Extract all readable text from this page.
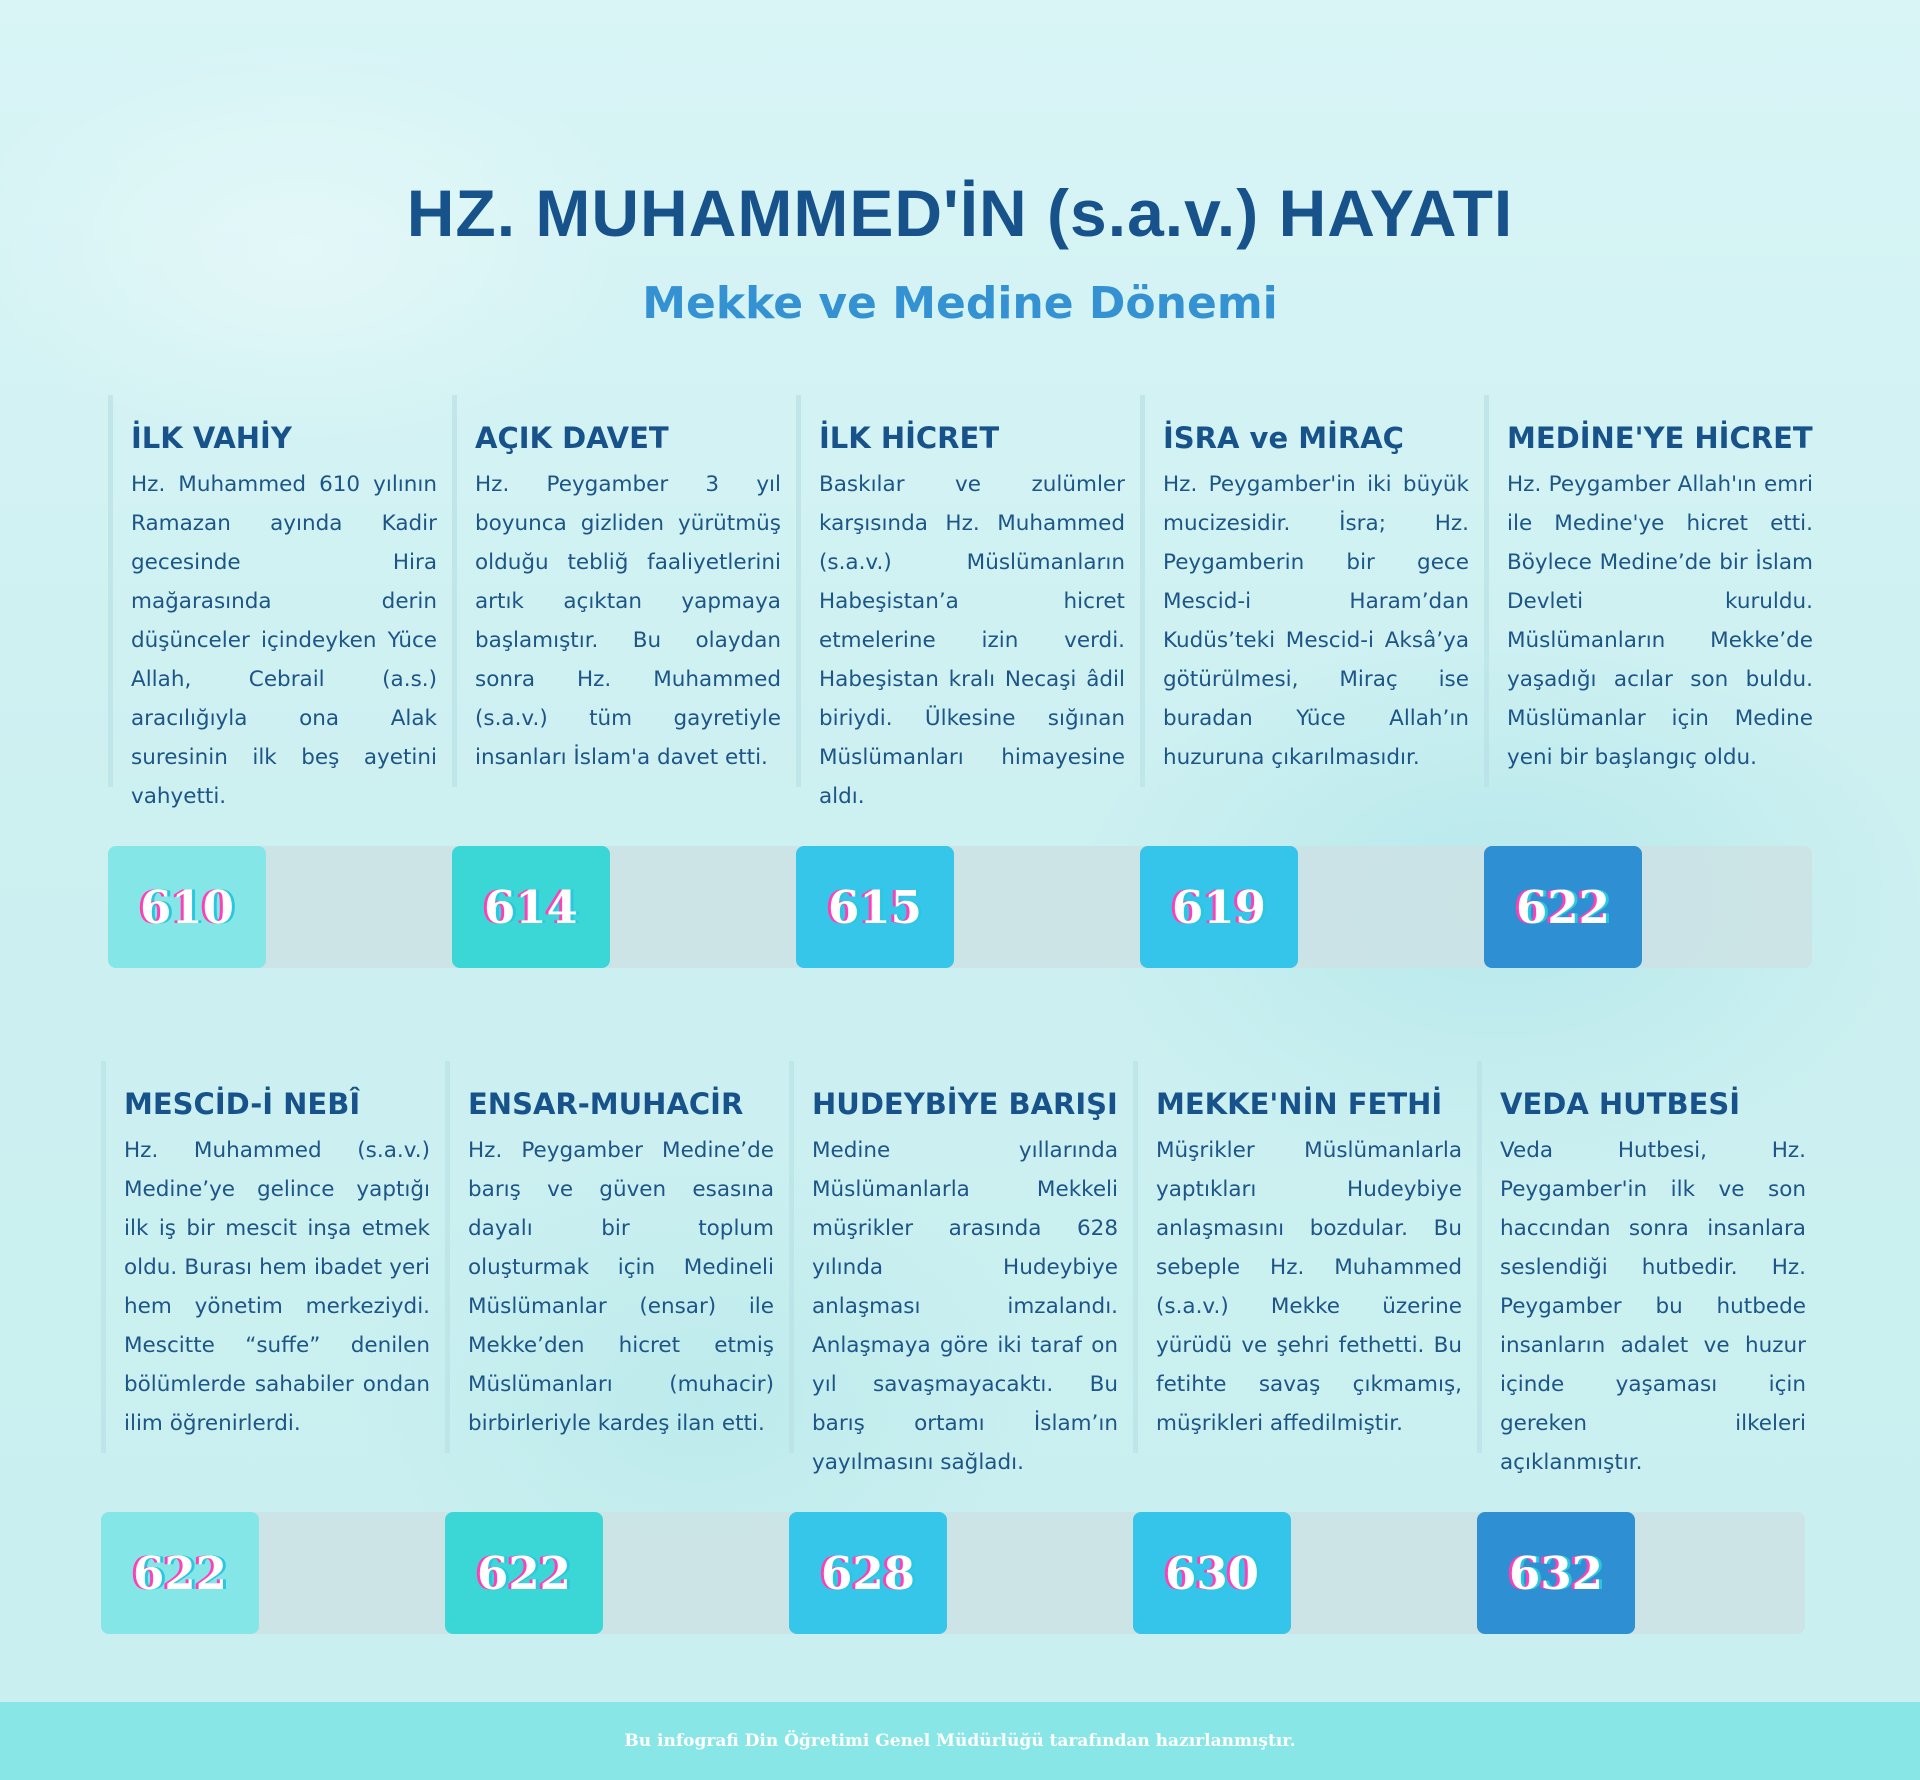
HZ. MUHAMMED'İN (s.a.v.) HAYATI
Mekke ve Medine Dönemi
İLK VAHİY

Hz. Muhammed 610 yılının Ramazan ayında Kadir gecesinde Hira mağarasında derin düşünceler içindeyken Yüce Allah, Cebrail (a.s.) aracılığıyla ona Alak suresinin ilk beş ayetini vahyetti.

AÇIK DAVET

Hz. Peygamber 3 yıl boyunca gizliden yürütmüş olduğu tebliğ faaliyetlerini artık açıktan yapmaya başlamıştır. Bu olaydan sonra Hz. Muhammed (s.a.v.) tüm gayretiyle insanları İslam'a davet etti.

İLK HİCRET

Baskılar ve zulümler karşısında Hz. Muhammed (s.a.v.) Müslümanların Habeşistan’a hicret etmelerine izin verdi. Habeşistan kralı Necaşi âdil biriydi. Ülkesine sığınan Müslümanları himayesine aldı.

İSRA ve MİRAÇ

Hz. Peygamber'in iki büyük mucizesidir. İsra; Hz. Peygamberin bir gece Mescid-i Haram’dan Kudüs’teki Mescid-i Aksâ’ya götürülmesi, Miraç ise buradan Yüce Allah’ın huzuruna çıkarılmasıdır.

MEDİNE'YE HİCRET

Hz. Peygamber Allah'ın emri ile Medine'ye hicret etti. Böylece Medine’de bir İslam Devleti kuruldu. Müslümanların Mekke’de yaşadığı acılar son buldu. Müslümanlar için Medine yeni bir başlangıç oldu.

610	614	615	619	622
MESCİD-İ NEBÎ

Hz. Muhammed (s.a.v.) Medine’ye gelince yaptığı ilk iş bir mescit inşa etmek oldu. Burası hem ibadet yeri hem yönetim merkeziydi. Mescitte “suffe” denilen bölümlerde sahabiler ondan ilim öğrenirlerdi.

ENSAR-MUHACİR

Hz. Peygamber Medine’de barış ve güven esasına dayalı bir toplum oluşturmak için Medineli Müslümanlar (ensar) ile Mekke’den hicret etmiş Müslümanları (muhacir) birbirleriyle kardeş ilan etti.

HUDEYBİYE BARIŞI

Medine yıllarında Müslümanlarla Mekkeli müşrikler arasında 628 yılında Hudeybiye anlaşması imzalandı. Anlaşmaya göre iki taraf on yıl savaşmayacaktı. Bu barış ortamı İslam’ın yayılmasını sağladı.

MEKKE'NİN FETHİ

Müşrikler Müslümanlarla yaptıkları Hudeybiye anlaşmasını bozdular. Bu sebeple Hz. Muhammed (s.a.v.) Mekke üzerine yürüdü ve şehri fethetti. Bu fetihte savaş çıkmamış, müşrikleri affedilmiştir.

VEDA HUTBESİ

Veda Hutbesi, Hz. Peygamber'in ilk ve son haccından sonra insanlara seslendiği hutbedir. Hz. Peygamber bu hutbede insanların adalet ve huzur içinde yaşaması için gereken ilkeleri açıklanmıştır.

622	622	628	630	632
Bu infografi Din Öğretimi Genel Müdürlüğü tarafından hazırlanmıştır.
